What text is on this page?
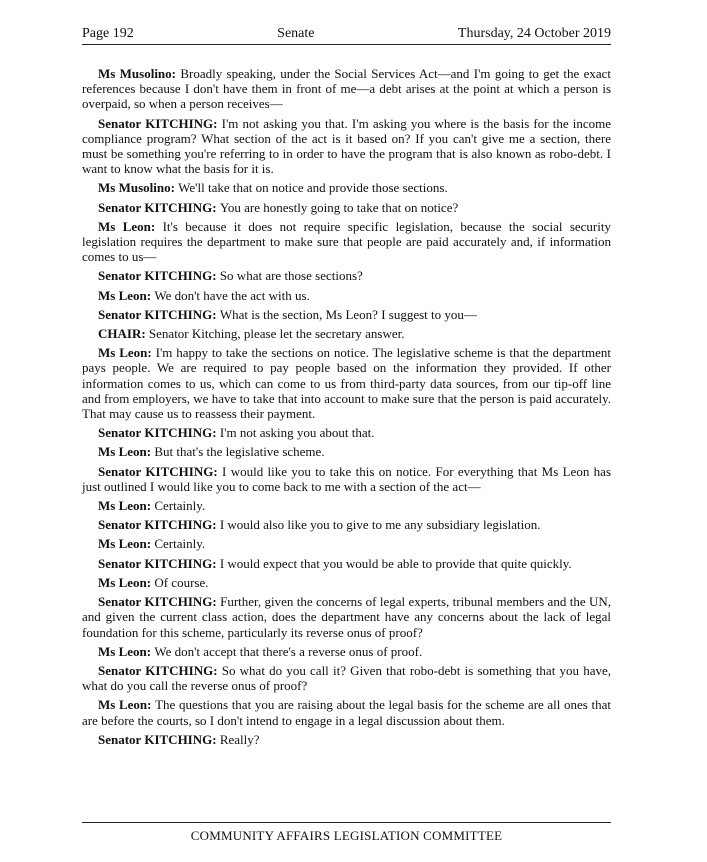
Page 192	Senate	Thursday, 24 October 2019

Ms Musolino: Broadly speaking, under the Social Services Act—and I'm going to get the exact references because I don't have them in front of me—a debt arises at the point at which a person is overpaid, so when a person receives—

Senator KITCHING: I'm not asking you that. I'm asking you where is the basis for the income compliance program? What section of the act is it based on? If you can't give me a section, there must be something you're referring to in order to have the program that is also known as robo-debt. I want to know what the basis for it is.

Ms Musolino: We'll take that on notice and provide those sections.

Senator KITCHING: You are honestly going to take that on notice?

Ms Leon: It's because it does not require specific legislation, because the social security legislation requires the department to make sure that people are paid accurately and, if information comes to us—

Senator KITCHING: So what are those sections?

Ms Leon: We don't have the act with us.

Senator KITCHING: What is the section, Ms Leon? I suggest to you—

CHAIR: Senator Kitching, please let the secretary answer.

Ms Leon: I'm happy to take the sections on notice. The legislative scheme is that the department pays people. We are required to pay people based on the information they provided. If other information comes to us, which can come to us from third-party data sources, from our tip-off line and from employers, we have to take that into account to make sure that the person is paid accurately. That may cause us to reassess their payment.

Senator KITCHING: I'm not asking you about that.

Ms Leon: But that's the legislative scheme.

Senator KITCHING: I would like you to take this on notice. For everything that Ms Leon has just outlined I would like you to come back to me with a section of the act—

Ms Leon: Certainly.

Senator KITCHING: I would also like you to give to me any subsidiary legislation.

Ms Leon: Certainly.

Senator KITCHING: I would expect that you would be able to provide that quite quickly.

Ms Leon: Of course.

Senator KITCHING: Further, given the concerns of legal experts, tribunal members and the UN, and given the current class action, does the department have any concerns about the lack of legal foundation for this scheme, particularly its reverse onus of proof?

Ms Leon: We don't accept that there's a reverse onus of proof.

Senator KITCHING: So what do you call it? Given that robo-debt is something that you have, what do you call the reverse onus of proof?

Ms Leon: The questions that you are raising about the legal basis for the scheme are all ones that are before the courts, so I don't intend to engage in a legal discussion about them.

Senator KITCHING: Really?

COMMUNITY AFFAIRS LEGISLATION COMMITTEE
